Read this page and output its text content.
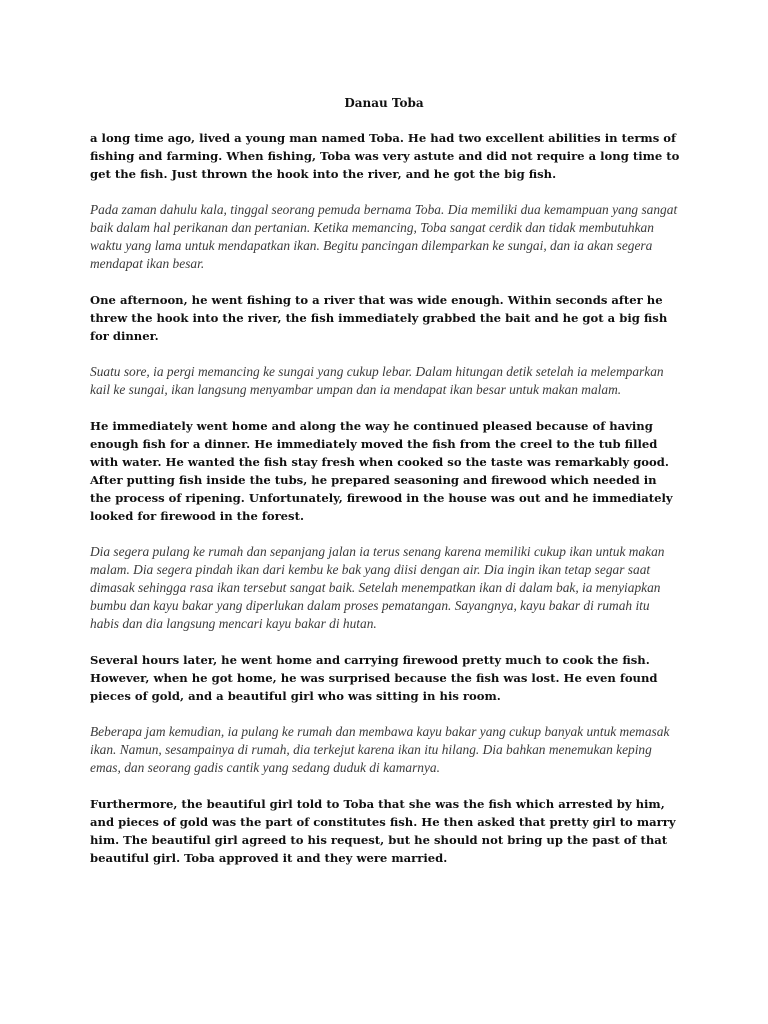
Danau Toba

a long time ago, lived a young man named Toba. He had two excellent abilities in terms of fishing and farming. When fishing, Toba was very astute and did not require a long time to get the fish. Just thrown the hook into the river, and he got the big fish.

Pada zaman dahulu kala, tinggal seorang pemuda bernama Toba. Dia memiliki dua kemampuan yang sangat baik dalam hal perikanan dan pertanian. Ketika memancing, Toba sangat cerdik dan tidak membutuhkan waktu yang lama untuk mendapatkan ikan. Begitu pancingan dilemparkan ke sungai, dan ia akan segera mendapat ikan besar.

One afternoon, he went fishing to a river that was wide enough. Within seconds after he threw the hook into the river, the fish immediately grabbed the bait and he got a big fish for dinner.

Suatu sore, ia pergi memancing ke sungai yang cukup lebar. Dalam hitungan detik setelah ia melemparkan kail ke sungai, ikan langsung menyambar umpan dan ia mendapat ikan besar untuk makan malam.

He immediately went home and along the way he continued pleased because of having enough fish for a dinner. He immediately moved the fish from the creel to the tub filled with water. He wanted the fish stay fresh when cooked so the taste was remarkably good. After putting fish inside the tubs, he prepared seasoning and firewood which needed in the process of ripening. Unfortunately, firewood in the house was out and he immediately looked for firewood in the forest.

Dia segera pulang ke rumah dan sepanjang jalan ia terus senang karena memiliki cukup ikan untuk makan malam. Dia segera pindah ikan dari kembu ke bak yang diisi dengan air. Dia ingin ikan tetap segar saat dimasak sehingga rasa ikan tersebut sangat baik. Setelah menempatkan ikan di dalam bak, ia menyiapkan bumbu dan kayu bakar yang diperlukan dalam proses pematangan. Sayangnya, kayu bakar di rumah itu habis dan dia langsung mencari kayu bakar di hutan.

Several hours later, he went home and carrying firewood pretty much to cook the fish. However, when he got home, he was surprised because the fish was lost. He even found pieces of gold, and a beautiful girl who was sitting in his room.

Beberapa jam kemudian, ia pulang ke rumah dan membawa kayu bakar yang cukup banyak untuk memasak ikan. Namun, sesampainya di rumah, dia terkejut karena ikan itu hilang. Dia bahkan menemukan keping emas, dan seorang gadis cantik yang sedang duduk di kamarnya.

Furthermore, the beautiful girl told to Toba that she was the fish which arrested by him, and pieces of gold was the part of constitutes fish. He then asked that pretty girl to marry him. The beautiful girl agreed to his request, but he should not bring up the past of that beautiful girl. Toba approved it and they were married.
